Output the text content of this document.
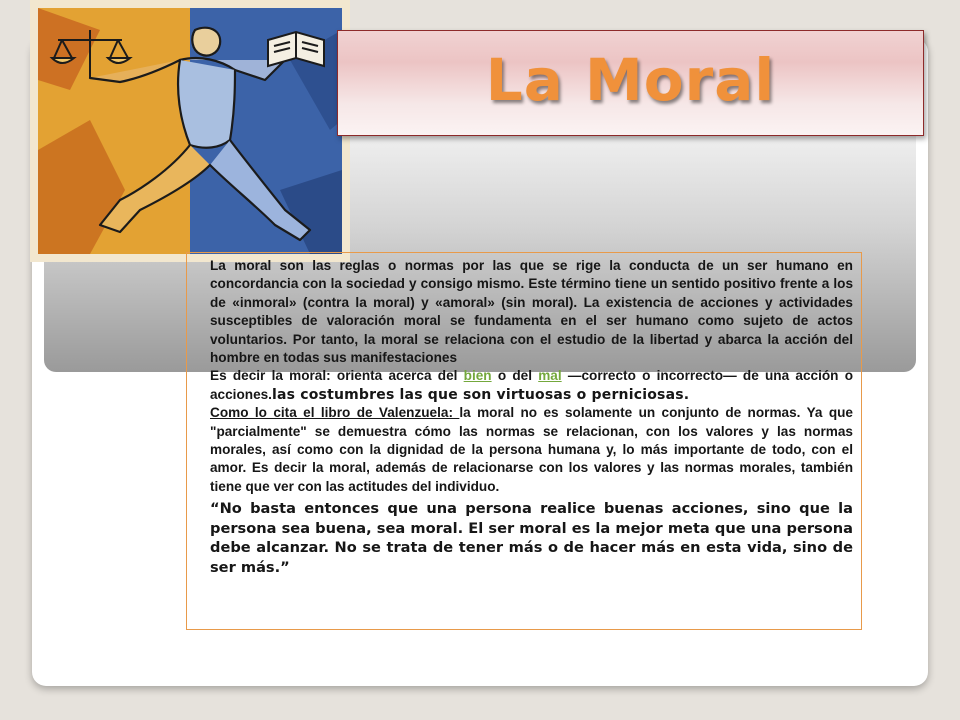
La Moral

La moral son las reglas o normas por las que se rige la conducta de un ser humano en concordancia con la sociedad y consigo mismo. Este término tiene un sentido positivo frente a los de «inmoral» (contra la moral) y «amoral» (sin moral). La existencia de acciones y actividades susceptibles de valoración moral se fundamenta en el ser humano como sujeto de actos voluntarios. Por tanto, la moral se relaciona con el estudio de la libertad y abarca la acción del hombre en todas sus manifestaciones

Es decir la moral: orienta acerca del bien o del mal —correcto o incorrecto— de una acción o acciones.las costumbres las que son virtuosas o perniciosas.

Como lo cita el libro de Valenzuela: la moral no es solamente un conjunto de normas. Ya que "parcialmente" se demuestra cómo las normas se relacionan, con los valores y las normas morales, así como con la dignidad de la persona humana y, lo más importante de todo, con el amor. Es decir la moral, además de relacionarse con los valores y las normas morales, también tiene que ver con las actitudes del individuo.

“No basta entonces que una persona realice buenas acciones, sino que la persona sea buena, sea moral. El ser moral es la mejor meta que una persona debe alcanzar. No se trata de tener más o de hacer más en esta vida, sino de ser más.”
